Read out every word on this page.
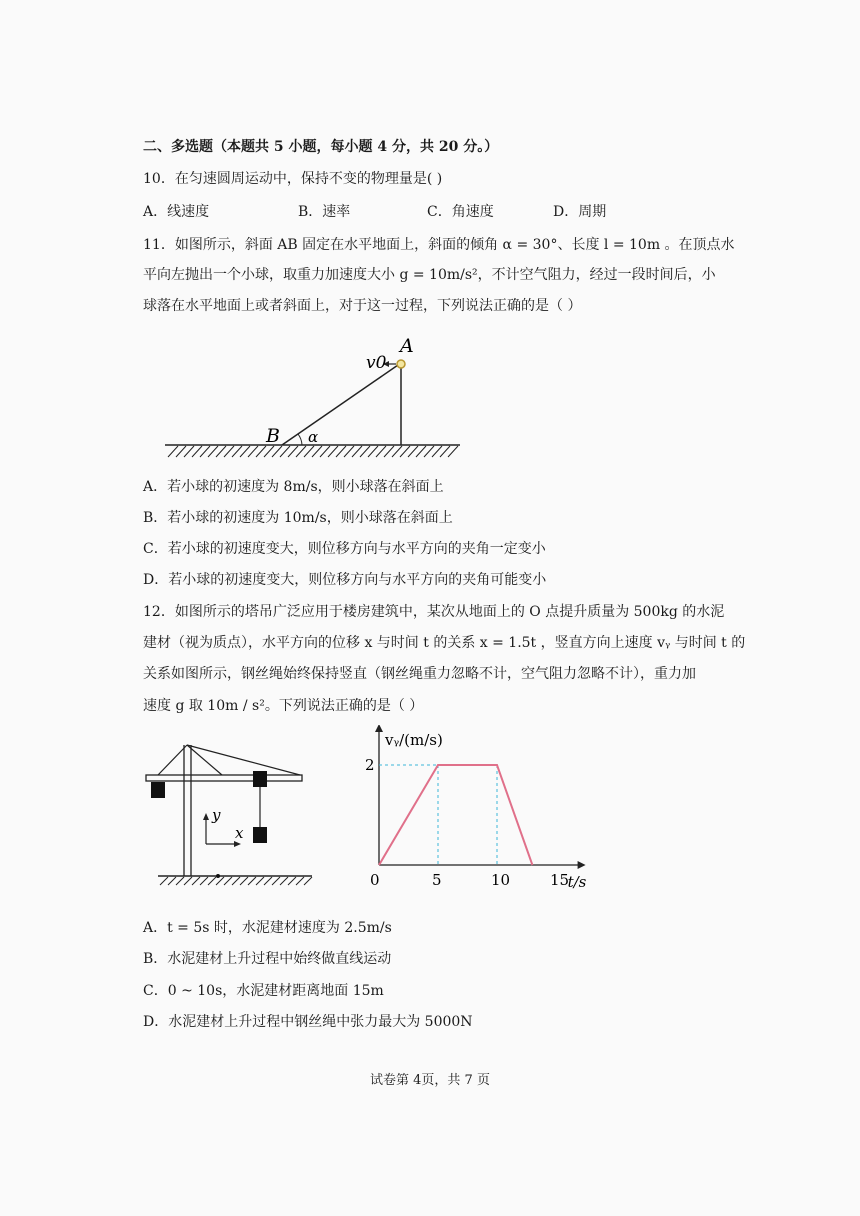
二、多选题（本题共 5 小题，每小题 4 分，共 20 分。）
10．在匀速圆周运动中，保持不变的物理量是( )
A．线速度	B．速率	C．角速度	D．周期
11．如图所示，斜面 AB 固定在水平地面上，斜面的倾角 α = 30°、长度 l = 10m 。在顶点水
平向左抛出一个小球，取重力加速度大小 g = 10m/s²，不计空气阻力，经过一段时间后，小
球落在水平地面上或者斜面上，对于这一过程，下列说法正确的是（ ）
v0
A
B α
A．若小球的初速度为 8m/s，则小球落在斜面上
B．若小球的初速度为 10m/s，则小球落在斜面上
C．若小球的初速度变大，则位移方向与水平方向的夹角一定变小
D．若小球的初速度变大，则位移方向与水平方向的夹角可能变小
12．如图所示的塔吊广泛应用于楼房建筑中，某次从地面上的 O 点提升质量为 500kg 的水泥
建材（视为质点），水平方向的位移 x 与时间 t 的关系 x = 1.5t ，竖直方向上速度 vᵧ 与时间 t 的
关系如图所示，钢丝绳始终保持竖直（钢丝绳重力忽略不计，空气阻力忽略不计），重力加
速度 g 取 10m / s²。下列说法正确的是（ ）
y
x
0	5	10	15
2
vᵧ/(m/s)
t/s
A．t = 5s 时，水泥建材速度为 2.5m/s
B．水泥建材上升过程中始终做直线运动
C．0 ~ 10s，水泥建材距离地面 15m
D．水泥建材上升过程中钢丝绳中张力最大为 5000N
试卷第 4页，共 7 页
